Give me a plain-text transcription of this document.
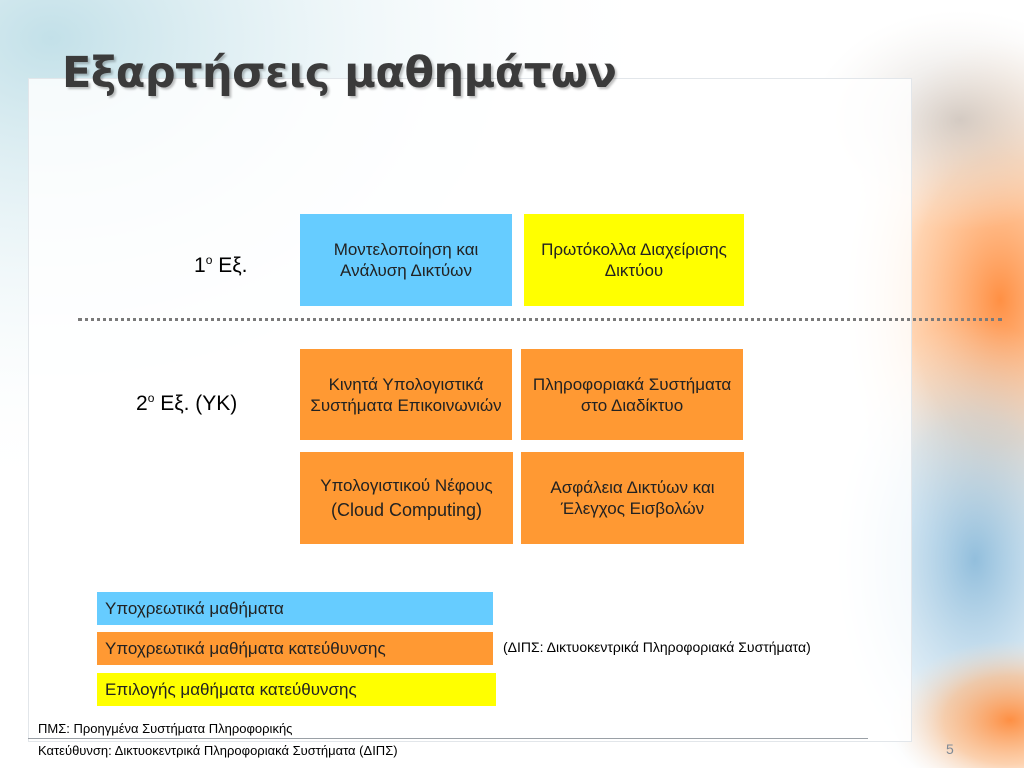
Εξαρτήσεις μαθημάτων
$1^o$ Εξ.
$2^o$ Εξ. (ΥΚ)
Μοντελοποίηση και Ανάλυση Δικτύων
Πρωτόκολλα Διαχείρισης Δικτύου
Κινητά Υπολογιστικά Συστήματα Επικοινωνιών
Πληροφοριακά Συστήματα στο Διαδίκτυο
Υπολογιστικού Νέφους
(Cloud Computing)
Ασφάλεια Δικτύων και Έλεγχος Εισβολών
Υποχρεωτικά μαθήματα
Υποχρεωτικά μαθήματα κατεύθυνσης
Επιλογής μαθήματα κατεύθυνσης
(ΔΙΠΣ: Δικτυοκεντρικά Πληροφοριακά Συστήματα)
ΠΜΣ: Προηγμένα Συστήματα Πληροφορικής
Κατεύθυνση: Δικτυοκεντρικά Πληροφοριακά Συστήματα (ΔΙΠΣ)	5
